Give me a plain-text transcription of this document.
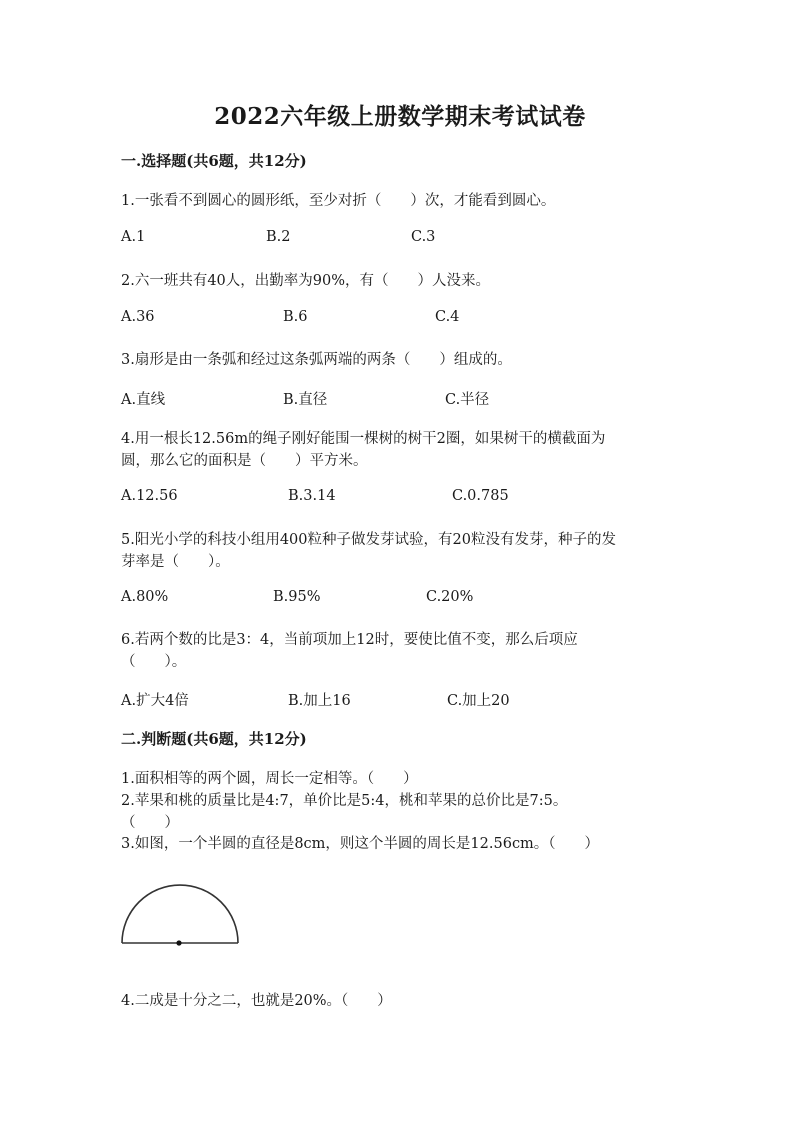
2022六年级上册数学期末考试试卷
一.选择题(共6题，共12分)
1.一张看不到圆心的圆形纸，至少对折（　　）次，才能看到圆心。
A.1	B.2	C.3
2.六一班共有40人，出勤率为90%，有（　　）人没来。
A.36	B.6	C.4
3.扇形是由一条弧和经过这条弧两端的两条（　　）组成的。
A.直线	B.直径	C.半径
4.用一根长12.56m的绳子刚好能围一棵树的树干2圈，如果树干的横截面为
圆，那么它的面积是（　　）平方米。
A.12.56	B.3.14	C.0.785
5.阳光小学的科技小组用400粒种子做发芽试验，有20粒没有发芽，种子的发
芽率是（　　）。
A.80%	B.95%	C.20%
6.若两个数的比是3：4，当前项加上12时，要使比值不变，那么后项应
（　　）。
A.扩大4倍	B.加上16	C.加上20
二.判断题(共6题，共12分)
1.面积相等的两个圆，周长一定相等。（　　）
2.苹果和桃的质量比是4:7，单价比是5:4，桃和苹果的总价比是7:5。
（　　）
3.如图，一个半圆的直径是8cm，则这个半圆的周长是12.56cm。（　　）
4.二成是十分之二，也就是20%。（　　）
